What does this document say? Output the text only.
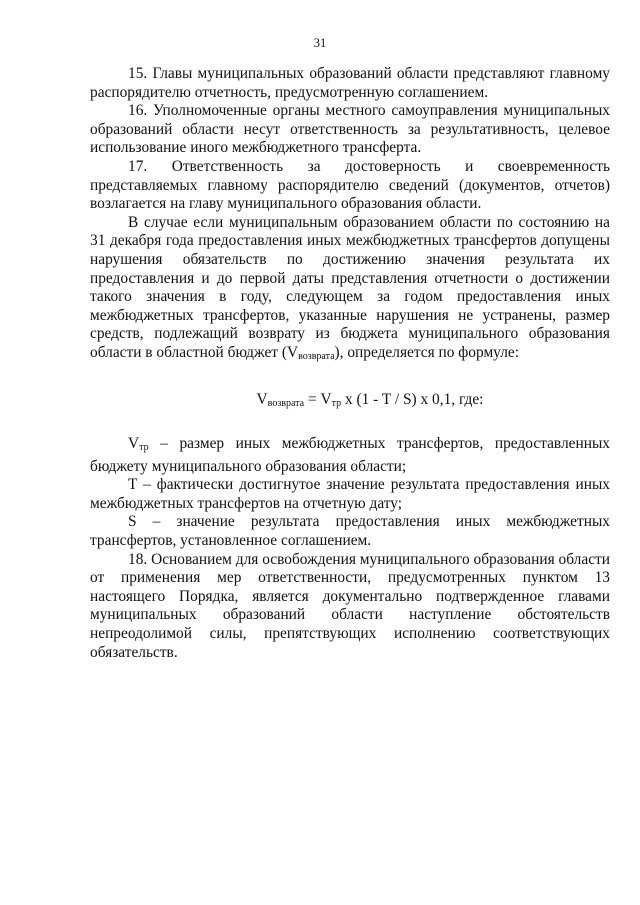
31

15. Главы муниципальных образований области представляют главному распорядителю отчетность, предусмотренную соглашением.

16. Уполномоченные органы местного самоуправления муниципальных образований области несут ответственность за результативность, целевое использование иного межбюджетного трансферта.

17. Ответственность за достоверность и своевременность представляемых главному распорядителю сведений (документов, отчетов) возлагается на главу муниципального образования области.

В случае если муниципальным образованием области по состоянию на 31 декабря года предоставления иных межбюджетных трансфертов допущены нарушения обязательств по достижению значения результата их предоставления и до первой даты представления отчетности о достижении такого значения в году, следующем за годом предоставления иных межбюджетных трансфертов, указанные нарушения не устранены, размер средств, подлежащий возврату из бюджета муниципального образования области в областной бюджет $(V_{возврата})$, определяется по формуле:

$V_{возврата} = V_{тр}$ x (1 - T / S) x 0,1, где:

$V_{тр}$ – размер иных межбюджетных трансфертов, предоставленных бюджету муниципального образования области;

T – фактически достигнутое значение результата предоставления иных межбюджетных трансфертов на отчетную дату;

S – значение результата предоставления иных межбюджетных трансфертов, установленное соглашением.

18. Основанием для освобождения муниципального образования области от применения мер ответственности, предусмотренных пунктом 13 настоящего Порядка, является документально подтвержденное главами муниципальных образований области наступление обстоятельств непреодолимой силы, препятствующих исполнению соответствующих обязательств.
